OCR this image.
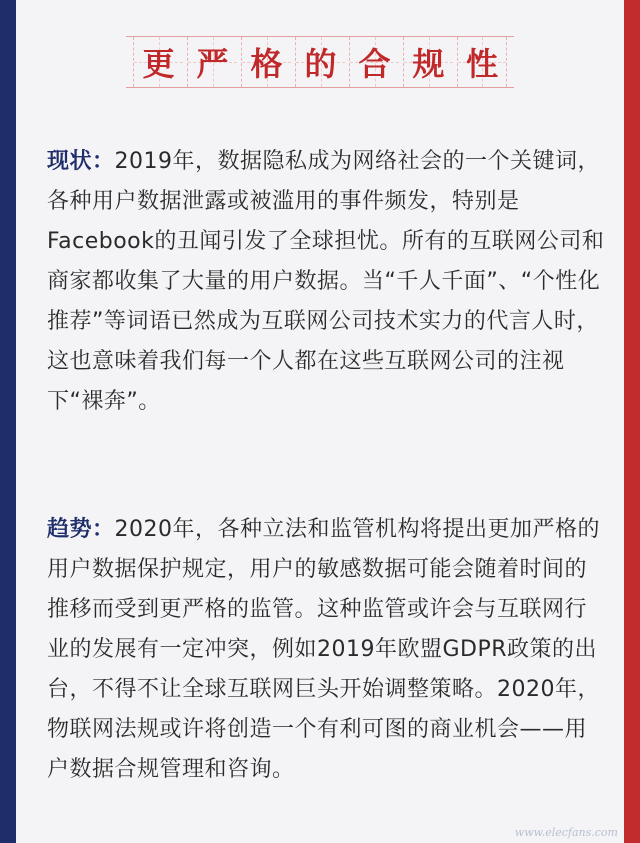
更 严 格 的 合 规 性

现状：2019年，数据隐私成为网络社会的一个关键词，各种用户数据泄露或被滥用的事件频发，特别是Facebook的丑闻引发了全球担忧。所有的互联网公司和商家都收集了大量的用户数据。当“千人千面”、“个性化推荐”等词语已然成为互联网公司技术实力的代言人时，这也意味着我们每一个人都在这些互联网公司的注视下“裸奔”。

趋势：2020年，各种立法和监管机构将提出更加严格的用户数据保护规定，用户的敏感数据可能会随着时间的推移而受到更严格的监管。这种监管或许会与互联网行业的发展有一定冲突，例如2019年欧盟GDPR政策的出台，不得不让全球互联网巨头开始调整策略。2020年，物联网法规或许将创造一个有利可图的商业机会——用户数据合规管理和咨询。

www.elecfans.com
